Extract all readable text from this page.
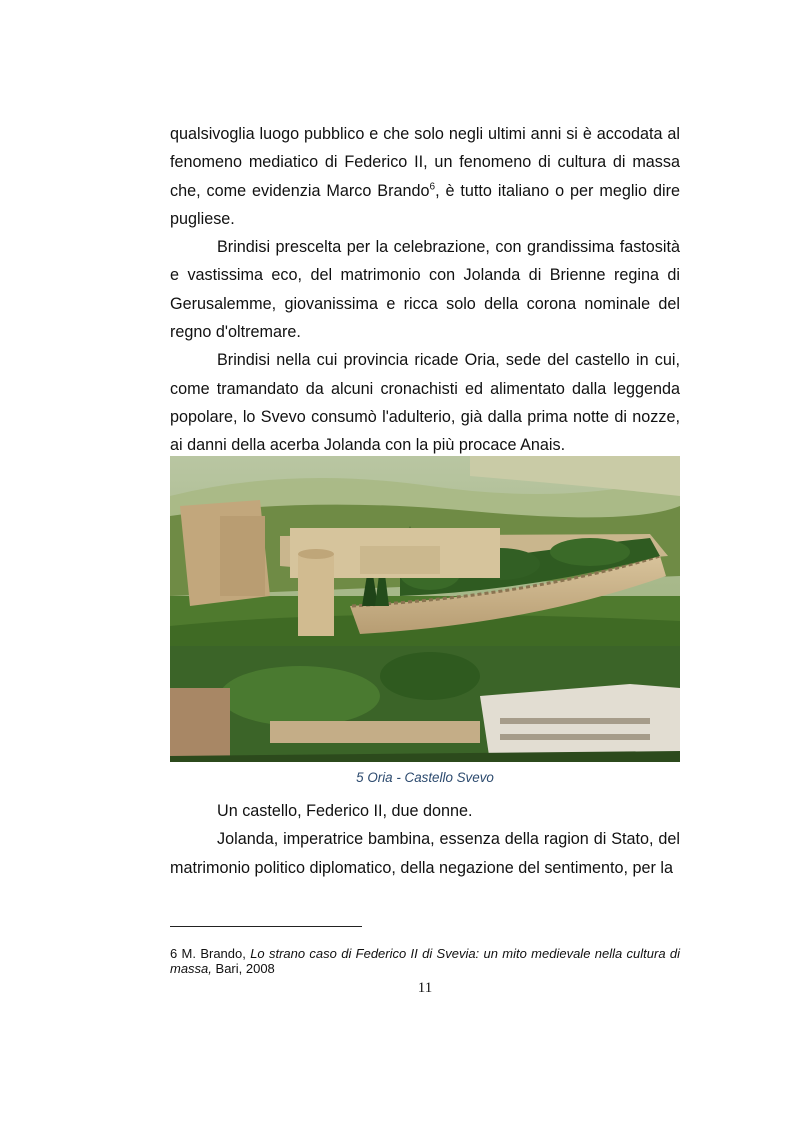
qualsivoglia luogo pubblico e che solo negli ultimi anni si è accodata al fenomeno mediatico di Federico II, un fenomeno di cultura di massa che, come evidenzia Marco Brando$^6$, è tutto italiano o per meglio dire pugliese.

Brindisi prescelta per la celebrazione, con grandissima fastosità e vastissima eco, del matrimonio con Jolanda di Brienne regina di Gerusalemme, giovanissima e ricca solo della corona nominale del regno d'oltremare.

Brindisi nella cui provincia ricade Oria, sede del castello in cui, come tramandato da alcuni cronachisti ed alimentato dalla leggenda popolare, lo Svevo consumò l'adulterio, già dalla prima notte di nozze, ai danni della acerba Jolanda con la più procace Anais.

5 Oria - Castello Svevo

Un castello, Federico II, due donne.

Jolanda, imperatrice bambina, essenza della ragion di Stato, del matrimonio politico diplomatico, della negazione del sentimento, per la

6 M. Brando, Lo strano caso di Federico II di Svevia: un mito medievale nella cultura di massa, Bari, 2008
11
